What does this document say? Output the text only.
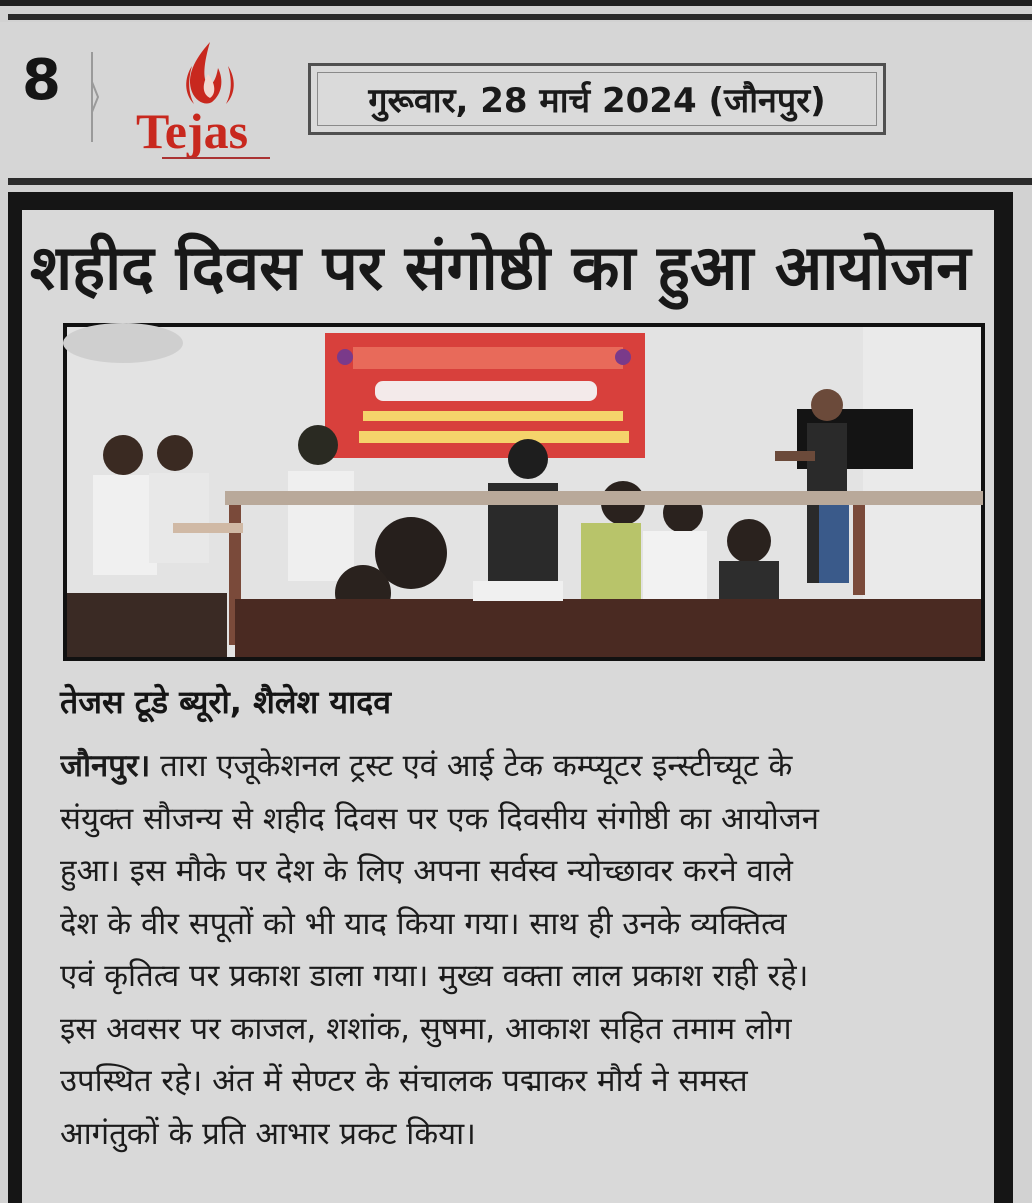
8
Tejas
गुरूवार, 28 मार्च 2024 (जौनपुर)
शहीद दिवस पर संगोष्ठी का हुआ आयोजन
तेजस टूडे ब्यूरो, शैलेश यादव
जौनपुर। तारा एजूकेशनल ट्रस्ट एवं आई टेक कम्प्यूटर इन्स्टीच्यूट के
संयुक्त सौजन्य से शहीद दिवस पर एक दिवसीय संगोष्ठी का आयोजन
हुआ। इस मौके पर देश के लिए अपना सर्वस्व न्योच्छावर करने वाले
देश के वीर सपूतों को भी याद किया गया। साथ ही उनके व्यक्तित्व
एवं कृतित्व पर प्रकाश डाला गया। मुख्य वक्ता लाल प्रकाश राही रहे।
इस अवसर पर काजल, शशांक, सुषमा, आकाश सहित तमाम लोग
उपस्थित रहे। अंत में सेण्टर के संचालक पद्माकर मौर्य ने समस्त
आगंतुकों के प्रति आभार प्रकट किया।
